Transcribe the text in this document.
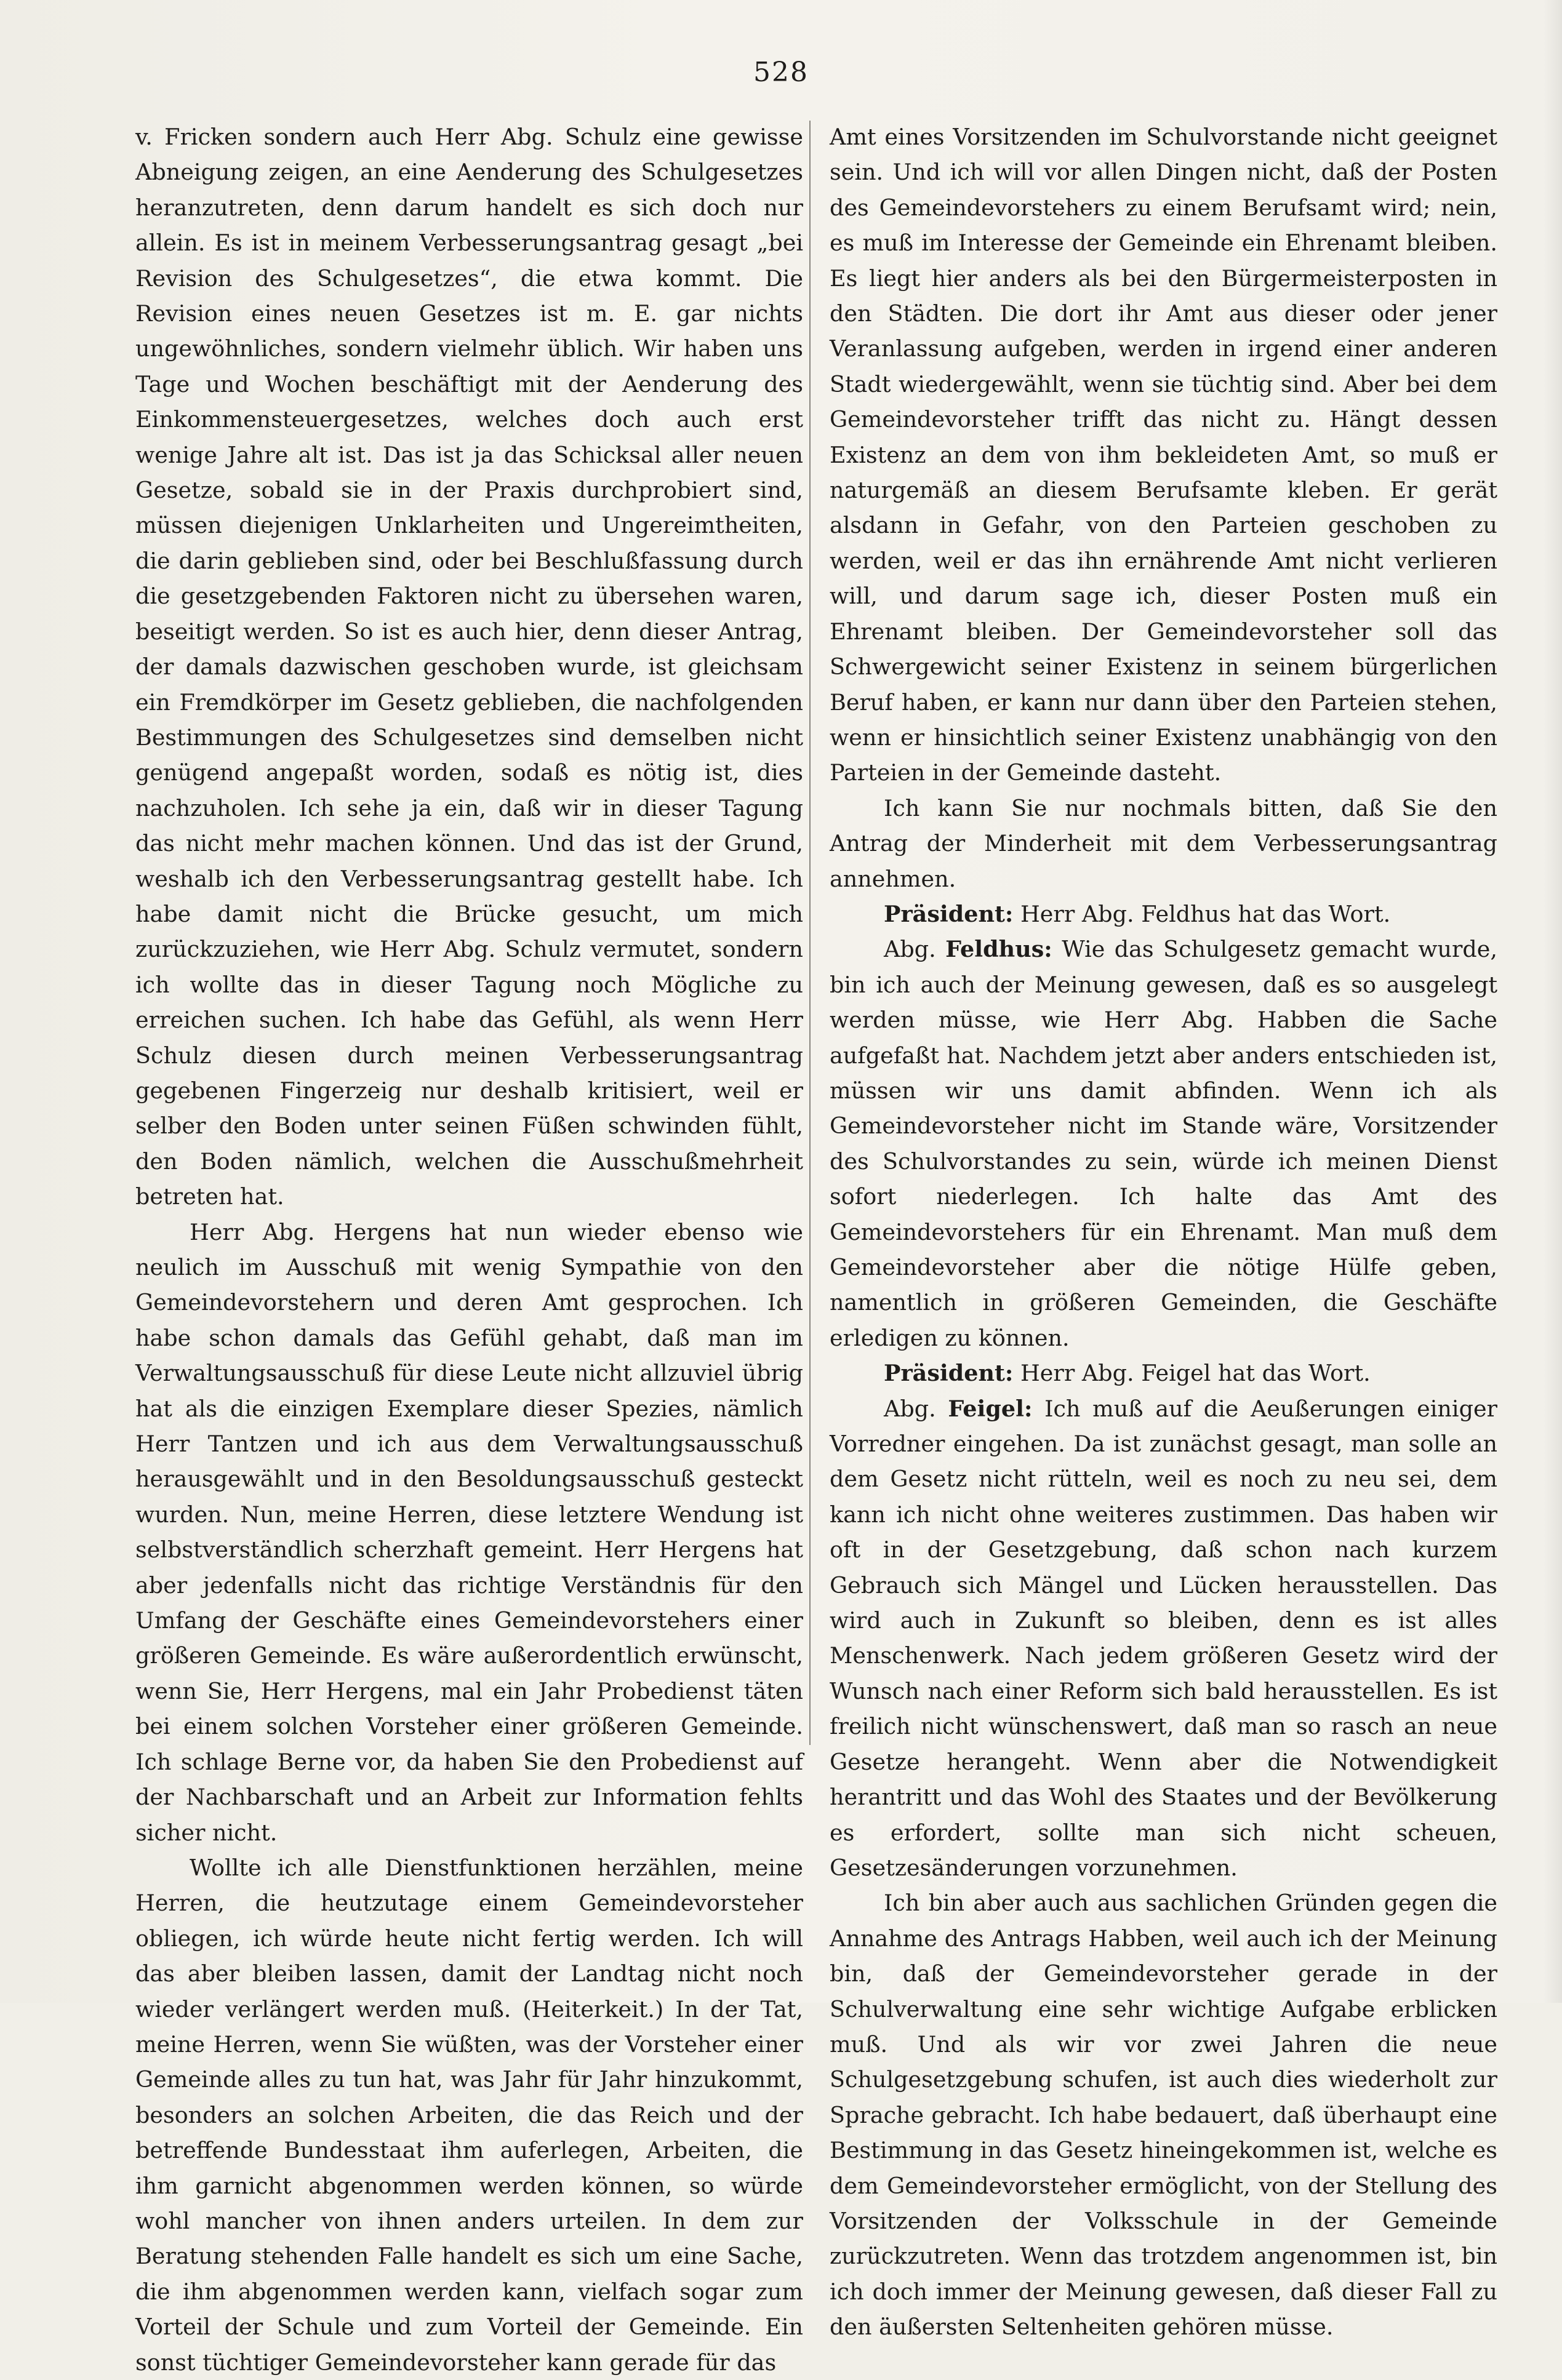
528

v. Fricken sondern auch Herr Abg. Schulz eine gewisse Abneigung zeigen, an eine Aenderung des Schulgesetzes heranzutreten, denn darum handelt es sich doch nur allein. Es ist in meinem Verbesserungsantrag gesagt „bei Revision des Schulgesetzes“, die etwa kommt. Die Revision eines neuen Gesetzes ist m. E. gar nichts ungewöhnliches, sondern vielmehr üblich. Wir haben uns Tage und Wochen beschäftigt mit der Aenderung des Einkommensteuergesetzes, welches doch auch erst wenige Jahre alt ist. Das ist ja das Schicksal aller neuen Gesetze, sobald sie in der Praxis durchprobiert sind, müssen diejenigen Unklarheiten und Ungereimtheiten, die darin geblieben sind, oder bei Beschlußfassung durch die gesetzgebenden Faktoren nicht zu übersehen waren, beseitigt werden. So ist es auch hier, denn dieser Antrag, der damals dazwischen geschoben wurde, ist gleichsam ein Fremdkörper im Gesetz geblieben, die nachfolgenden Bestimmungen des Schulgesetzes sind demselben nicht genügend angepaßt worden, sodaß es nötig ist, dies nachzuholen. Ich sehe ja ein, daß wir in dieser Tagung das nicht mehr machen können. Und das ist der Grund, weshalb ich den Verbesserungsantrag gestellt habe. Ich habe damit nicht die Brücke gesucht, um mich zurückzuziehen, wie Herr Abg. Schulz vermutet, sondern ich wollte das in dieser Tagung noch Mögliche zu erreichen suchen. Ich habe das Gefühl, als wenn Herr Schulz diesen durch meinen Verbesserungsantrag gegebenen Fingerzeig nur deshalb kritisiert, weil er selber den Boden unter seinen Füßen schwinden fühlt, den Boden nämlich, welchen die Ausschußmehrheit betreten hat.

Herr Abg. Hergens hat nun wieder ebenso wie neulich im Ausschuß mit wenig Sympathie von den Gemeindevorstehern und deren Amt gesprochen. Ich habe schon damals das Gefühl gehabt, daß man im Verwaltungsausschuß für diese Leute nicht allzuviel übrig hat als die einzigen Exemplare dieser Spezies, nämlich Herr Tantzen und ich aus dem Verwaltungsausschuß herausgewählt und in den Besoldungsausschuß gesteckt wurden. Nun, meine Herren, diese letztere Wendung ist selbstverständlich scherzhaft gemeint. Herr Hergens hat aber jedenfalls nicht das richtige Verständnis für den Umfang der Geschäfte eines Gemeindevorstehers einer größeren Gemeinde. Es wäre außerordentlich erwünscht, wenn Sie, Herr Hergens, mal ein Jahr Probedienst täten bei einem solchen Vorsteher einer größeren Gemeinde. Ich schlage Berne vor, da haben Sie den Probedienst auf der Nachbarschaft und an Arbeit zur Information fehlts sicher nicht.

Wollte ich alle Dienstfunktionen herzählen, meine Herren, die heutzutage einem Gemeindevorsteher obliegen, ich würde heute nicht fertig werden. Ich will das aber bleiben lassen, damit der Landtag nicht noch wieder verlängert werden muß. (Heiterkeit.) In der Tat, meine Herren, wenn Sie wüßten, was der Vorsteher einer Gemeinde alles zu tun hat, was Jahr für Jahr hinzukommt, besonders an solchen Arbeiten, die das Reich und der betreffende Bundesstaat ihm auferlegen, Arbeiten, die ihm garnicht abgenommen werden können, so würde wohl mancher von ihnen anders urteilen. In dem zur Beratung stehenden Falle handelt es sich um eine Sache, die ihm abgenommen werden kann, vielfach sogar zum Vorteil der Schule und zum Vorteil der Gemeinde. Ein sonst tüchtiger Gemeindevorsteher kann gerade für das

Amt eines Vorsitzenden im Schulvorstande nicht geeignet sein. Und ich will vor allen Dingen nicht, daß der Posten des Gemeindevorstehers zu einem Berufsamt wird; nein, es muß im Interesse der Gemeinde ein Ehrenamt bleiben. Es liegt hier anders als bei den Bürgermeisterposten in den Städten. Die dort ihr Amt aus dieser oder jener Veranlassung aufgeben, werden in irgend einer anderen Stadt wiedergewählt, wenn sie tüchtig sind. Aber bei dem Gemeindevorsteher trifft das nicht zu. Hängt dessen Existenz an dem von ihm bekleideten Amt, so muß er naturgemäß an diesem Berufsamte kleben. Er gerät alsdann in Gefahr, von den Parteien geschoben zu werden, weil er das ihn ernährende Amt nicht verlieren will, und darum sage ich, dieser Posten muß ein Ehrenamt bleiben. Der Gemeindevorsteher soll das Schwergewicht seiner Existenz in seinem bürgerlichen Beruf haben, er kann nur dann über den Parteien stehen, wenn er hinsichtlich seiner Existenz unabhängig von den Parteien in der Gemeinde dasteht.

Ich kann Sie nur nochmals bitten, daß Sie den Antrag der Minderheit mit dem Verbesserungsantrag annehmen.

Präsident: Herr Abg. Feldhus hat das Wort.

Abg. Feldhus: Wie das Schulgesetz gemacht wurde, bin ich auch der Meinung gewesen, daß es so ausgelegt werden müsse, wie Herr Abg. Habben die Sache aufgefaßt hat. Nachdem jetzt aber anders entschieden ist, müssen wir uns damit abfinden. Wenn ich als Gemeindevorsteher nicht im Stande wäre, Vorsitzender des Schulvorstandes zu sein, würde ich meinen Dienst sofort niederlegen. Ich halte das Amt des Gemeindevorstehers für ein Ehrenamt. Man muß dem Gemeindevorsteher aber die nötige Hülfe geben, namentlich in größeren Gemeinden, die Geschäfte erledigen zu können.

Präsident: Herr Abg. Feigel hat das Wort.

Abg. Feigel: Ich muß auf die Aeußerungen einiger Vorredner eingehen. Da ist zunächst gesagt, man solle an dem Gesetz nicht rütteln, weil es noch zu neu sei, dem kann ich nicht ohne weiteres zustimmen. Das haben wir oft in der Gesetzgebung, daß schon nach kurzem Gebrauch sich Mängel und Lücken herausstellen. Das wird auch in Zukunft so bleiben, denn es ist alles Menschenwerk. Nach jedem größeren Gesetz wird der Wunsch nach einer Reform sich bald herausstellen. Es ist freilich nicht wünschenswert, daß man so rasch an neue Gesetze herangeht. Wenn aber die Notwendigkeit herantritt und das Wohl des Staates und der Bevölkerung es erfordert, sollte man sich nicht scheuen, Gesetzesänderungen vorzunehmen.

Ich bin aber auch aus sachlichen Gründen gegen die Annahme des Antrags Habben, weil auch ich der Meinung bin, daß der Gemeindevorsteher gerade in der Schulverwaltung eine sehr wichtige Aufgabe erblicken muß. Und als wir vor zwei Jahren die neue Schulgesetzgebung schufen, ist auch dies wiederholt zur Sprache gebracht. Ich habe bedauert, daß überhaupt eine Bestimmung in das Gesetz hineingekommen ist, welche es dem Gemeindevorsteher ermöglicht, von der Stellung des Vorsitzenden der Volksschule in der Gemeinde zurückzutreten. Wenn das trotzdem angenommen ist, bin ich doch immer der Meinung gewesen, daß dieser Fall zu den äußersten Seltenheiten gehören müsse.
